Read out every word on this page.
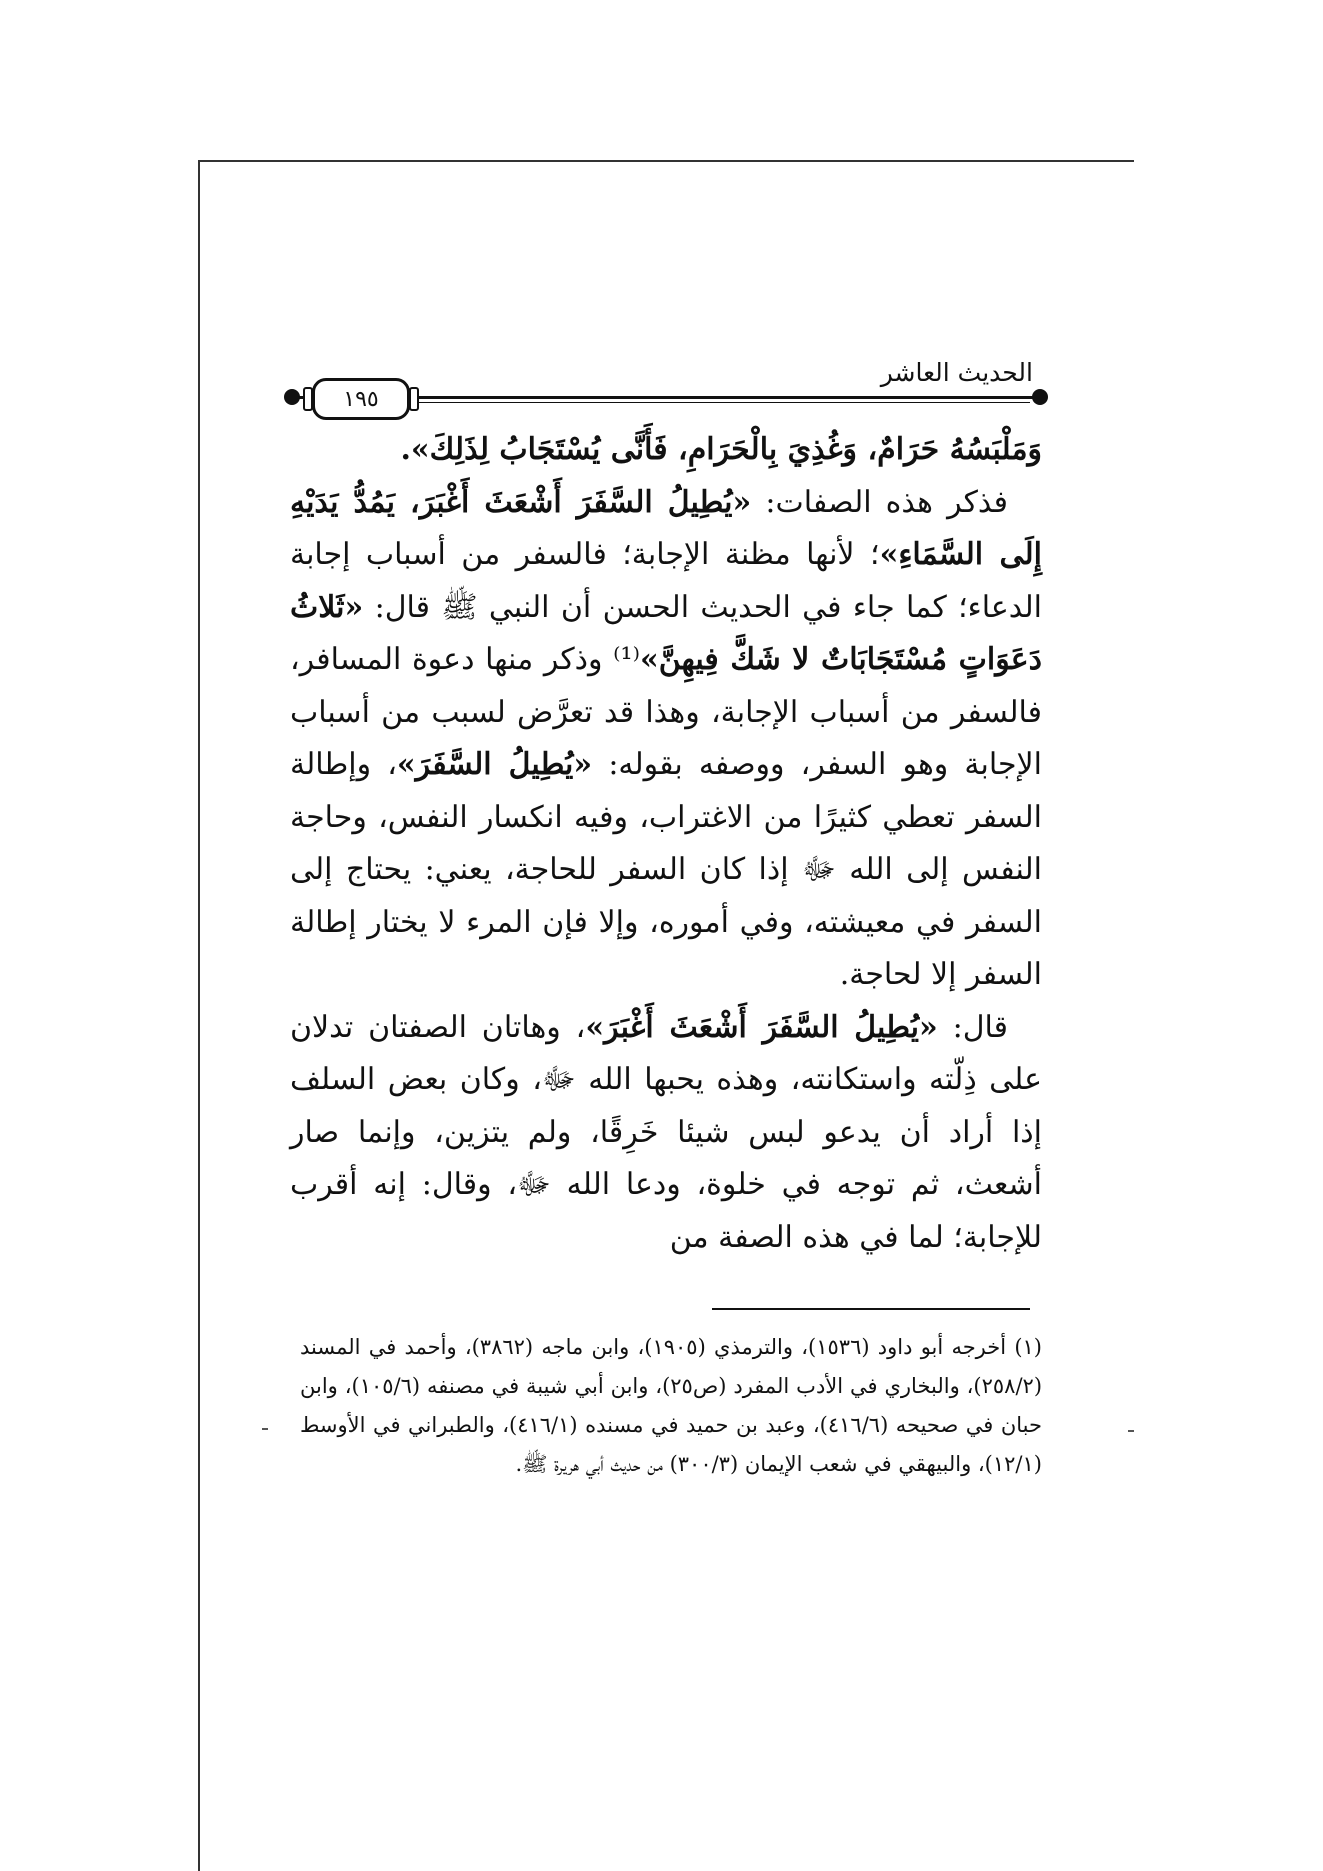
الحديث العاشر
١٩٥

وَمَلْبَسُهُ حَرَامٌ، وَغُذِيَ بِالْحَرَامِ، فَأَنَّى يُسْتَجَابُ لِذَلِكَ».

فذكر هذه الصفات: «يُطِيلُ السَّفَرَ أَشْعَثَ أَغْبَرَ، يَمُدُّ يَدَيْهِ إِلَى السَّمَاءِ»؛ لأنها مظنة الإجابة؛ فالسفر من أسباب إجابة الدعاء؛ كما جاء في الحديث الحسن أن النبي ﷺ قال: «ثَلاثُ دَعَوَاتٍ مُسْتَجَابَاتٌ لا شَكَّ فِيهِنَّ»⁽¹⁾ وذكر منها دعوة المسافر، فالسفر من أسباب الإجابة، وهذا قد تعرَّض لسبب من أسباب الإجابة وهو السفر، ووصفه بقوله: «يُطِيلُ السَّفَرَ»، وإطالة السفر تعطي كثيرًا من الاغتراب، وفيه انكسار النفس، وحاجة النفس إلى الله ﷻ إذا كان السفر للحاجة، يعني: يحتاج إلى السفر في معيشته، وفي أموره، وإلا فإن المرء لا يختار إطالة السفر إلا لحاجة.

قال: «يُطِيلُ السَّفَرَ أَشْعَثَ أَغْبَرَ»، وهاتان الصفتان تدلان على ذِلّته واستكانته، وهذه يحبها الله ﷻ، وكان بعض السلف إذا أراد أن يدعو لبس شيئا خَرِقًا، ولم يتزين، وإنما صار أشعث، ثم توجه في خلوة، ودعا الله ﷻ، وقال: إنه أقرب للإجابة؛ لما في هذه الصفة من

(١) أخرجه أبو داود (١٥٣٦)، والترمذي (١٩٠٥)، وابن ماجه (٣٨٦٢)، وأحمد في المسند (٢٥٨/٢)، والبخاري في الأدب المفرد (ص٢٥)، وابن أبي شيبة في مصنفه (١٠٥/٦)، وابن حبان في صحيحه (٤١٦/٦)، وعبد بن حميد في مسنده (٤١٦/١)، والطبراني في الأوسط (١٢/١)، والبيهقي في شعب الإيمان (٣٠٠/٣) من حديث أبي هريرة ﷺ.
